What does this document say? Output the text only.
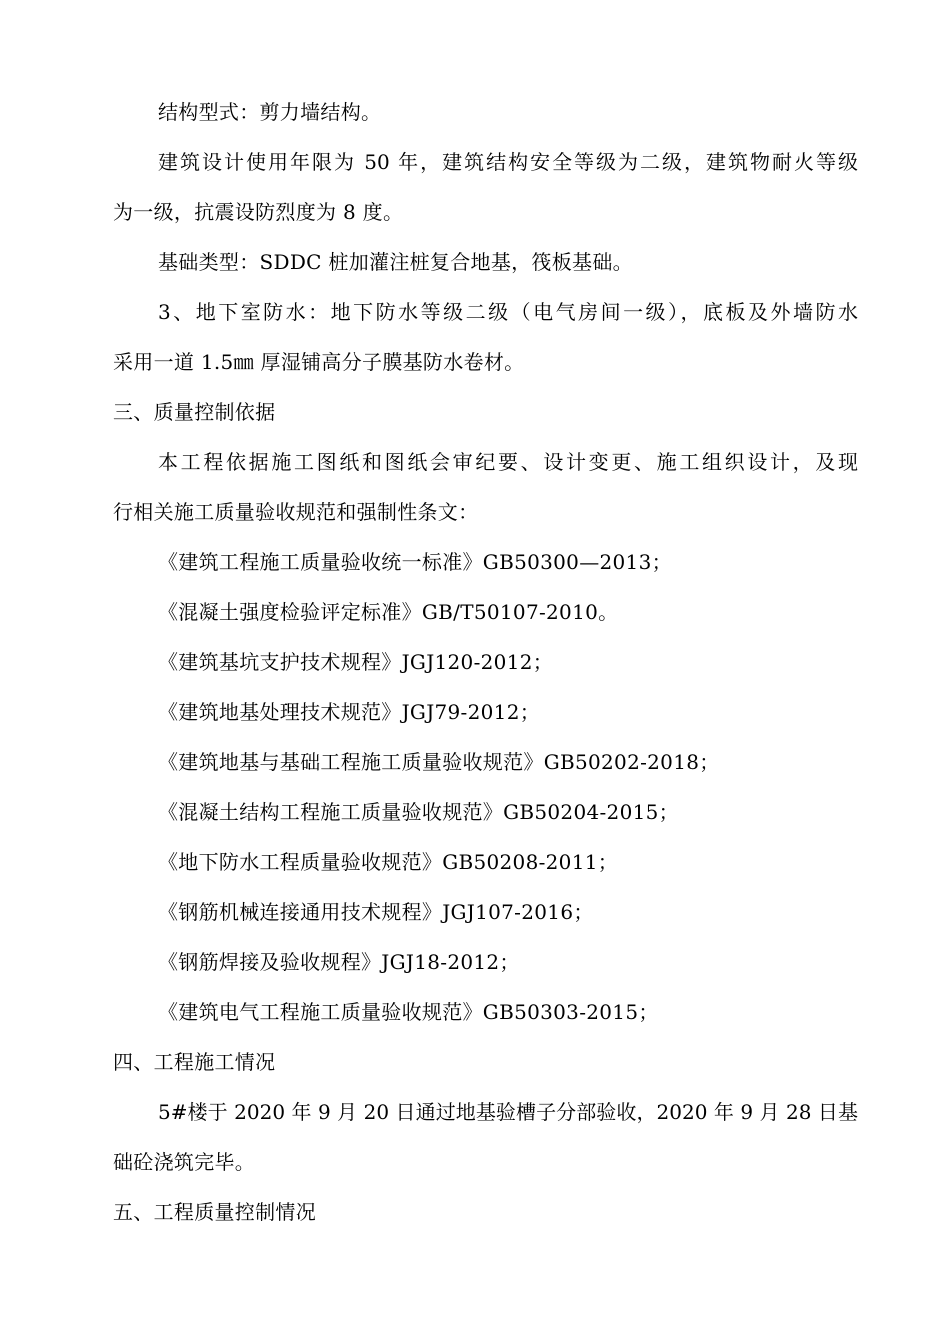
结构型式：剪力墙结构。
建筑设计使用年限为 50 年，建筑结构安全等级为二级，建筑物耐火等级
为一级，抗震设防烈度为 8 度。
基础类型：SDDC 桩加灌注桩复合地基，筏板基础。
3、地下室防水：地下防水等级二级（电气房间一级），底板及外墙防水
采用一道 1.5㎜ 厚湿铺高分子膜基防水卷材。
三、质量控制依据
本工程依据施工图纸和图纸会审纪要、设计变更、施工组织设计，及现
行相关施工质量验收规范和强制性条文：
《建筑工程施工质量验收统一标准》GB50300—2013；
《混凝土强度检验评定标准》GB/T50107-2010。
《建筑基坑支护技术规程》JGJ120-2012；
《建筑地基处理技术规范》JGJ79-2012；
《建筑地基与基础工程施工质量验收规范》GB50202-2018；
《混凝土结构工程施工质量验收规范》GB50204-2015；
《地下防水工程质量验收规范》GB50208-2011；
《钢筋机械连接通用技术规程》JGJ107-2016；
《钢筋焊接及验收规程》JGJ18-2012；
《建筑电气工程施工质量验收规范》GB50303-2015；
四、工程施工情况
5#楼于 2020 年 9 月 20 日通过地基验槽子分部验收，2020 年 9 月 28 日基
础砼浇筑完毕。
五、工程质量控制情况
